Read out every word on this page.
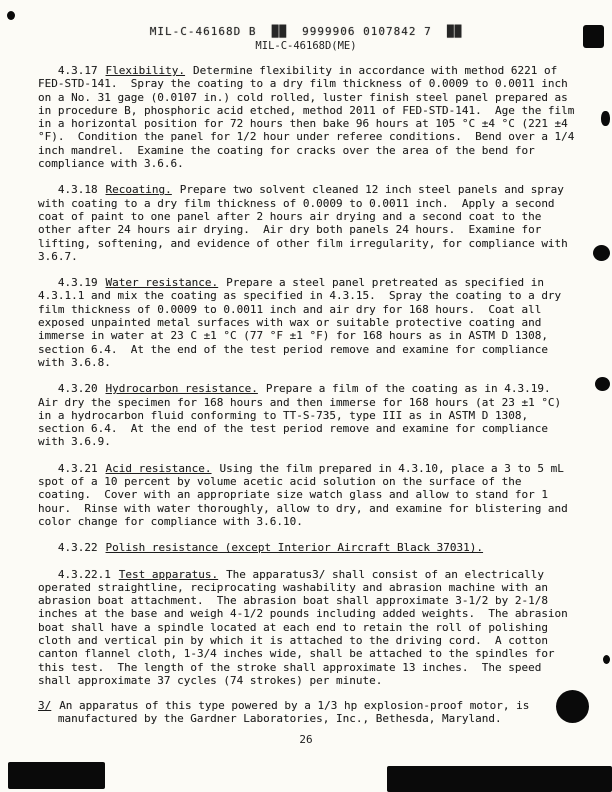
MIL-C-46168D B  ██  9999906 0107842 7  ██
MIL-C-46168D(ME)

4.3.17 Flexibility. Determine flexibility in accordance with method 6221 of FED-STD-141.  Spray the coating to a dry film thickness of 0.0009 to 0.0011 inch on a No. 31 gage (0.0107 in.) cold rolled, luster finish steel panel prepared as in procedure B, phosphoric acid etched, method 2011 of FED-STD-141.  Age the film in a horizontal position for 72 hours then bake 96 hours at 105 °C ±4 °C (221 ±4 °F).  Condition the panel for 1/2 hour under referee conditions.  Bend over a 1/4 inch mandrel.  Examine the coating for cracks over the area of the bend for compliance with 3.6.6.

4.3.18 Recoating. Prepare two solvent cleaned 12 inch steel panels and spray with coating to a dry film thickness of 0.0009 to 0.0011 inch.  Apply a second coat of paint to one panel after 2 hours air drying and a second coat to the other after 24 hours air drying.  Air dry both panels 24 hours.  Examine for lifting, softening, and evidence of other film irregularity, for compliance with 3.6.7.

4.3.19 Water resistance. Prepare a steel panel pretreated as specified in 4.3.1.1 and mix the coating as specified in 4.3.15.  Spray the coating to a dry film thickness of 0.0009 to 0.0011 inch and air dry for 168 hours.  Coat all exposed unpainted metal surfaces with wax or suitable protective coating and immerse in water at 23 C ±1 °C (77 °F ±1 °F) for 168 hours as in ASTM D 1308, section 6.4.  At the end of the test period remove and examine for compliance with 3.6.8.

4.3.20 Hydrocarbon resistance. Prepare a film of the coating as in 4.3.19.  Air dry the specimen for 168 hours and then immerse for 168 hours (at 23 ±1 °C) in a hydrocarbon fluid conforming to TT-S-735, type III as in ASTM D 1308, section 6.4.  At the end of the test period remove and examine for compliance with 3.6.9.

4.3.21 Acid resistance. Using the film prepared in 4.3.10, place a 3 to 5 mL spot of a 10 percent by volume acetic acid solution on the surface of the coating.  Cover with an appropriate size watch glass and allow to stand for 1 hour.  Rinse with water thoroughly, allow to dry, and examine for blistering and color change for compliance with 3.6.10.

4.3.22 Polish resistance (except Interior Aircraft Black 37031).

4.3.22.1 Test apparatus. The apparatus3/ shall consist of an electrically operated straightline, reciprocating washability and abrasion machine with an abrasion boat attachment.  The abrasion boat shall approximate 3-1/2 by 2-1/8 inches at the base and weigh 4-1/2 pounds including added weights.  The abrasion boat shall have a spindle located at each end to retain the roll of polishing cloth and vertical pin by which it is attached to the driving cord.  A cotton canton flannel cloth, 1-3/4 inches wide, shall be attached to the spindles for this test.  The length of the stroke shall approximate 13 inches.  The speed shall approximate 37 cycles (74 strokes) per minute.

3/ An apparatus of this type powered by a 1/3 hp explosion-proof motor, is manufactured by the Gardner Laboratories, Inc., Bethesda, Maryland.
26
